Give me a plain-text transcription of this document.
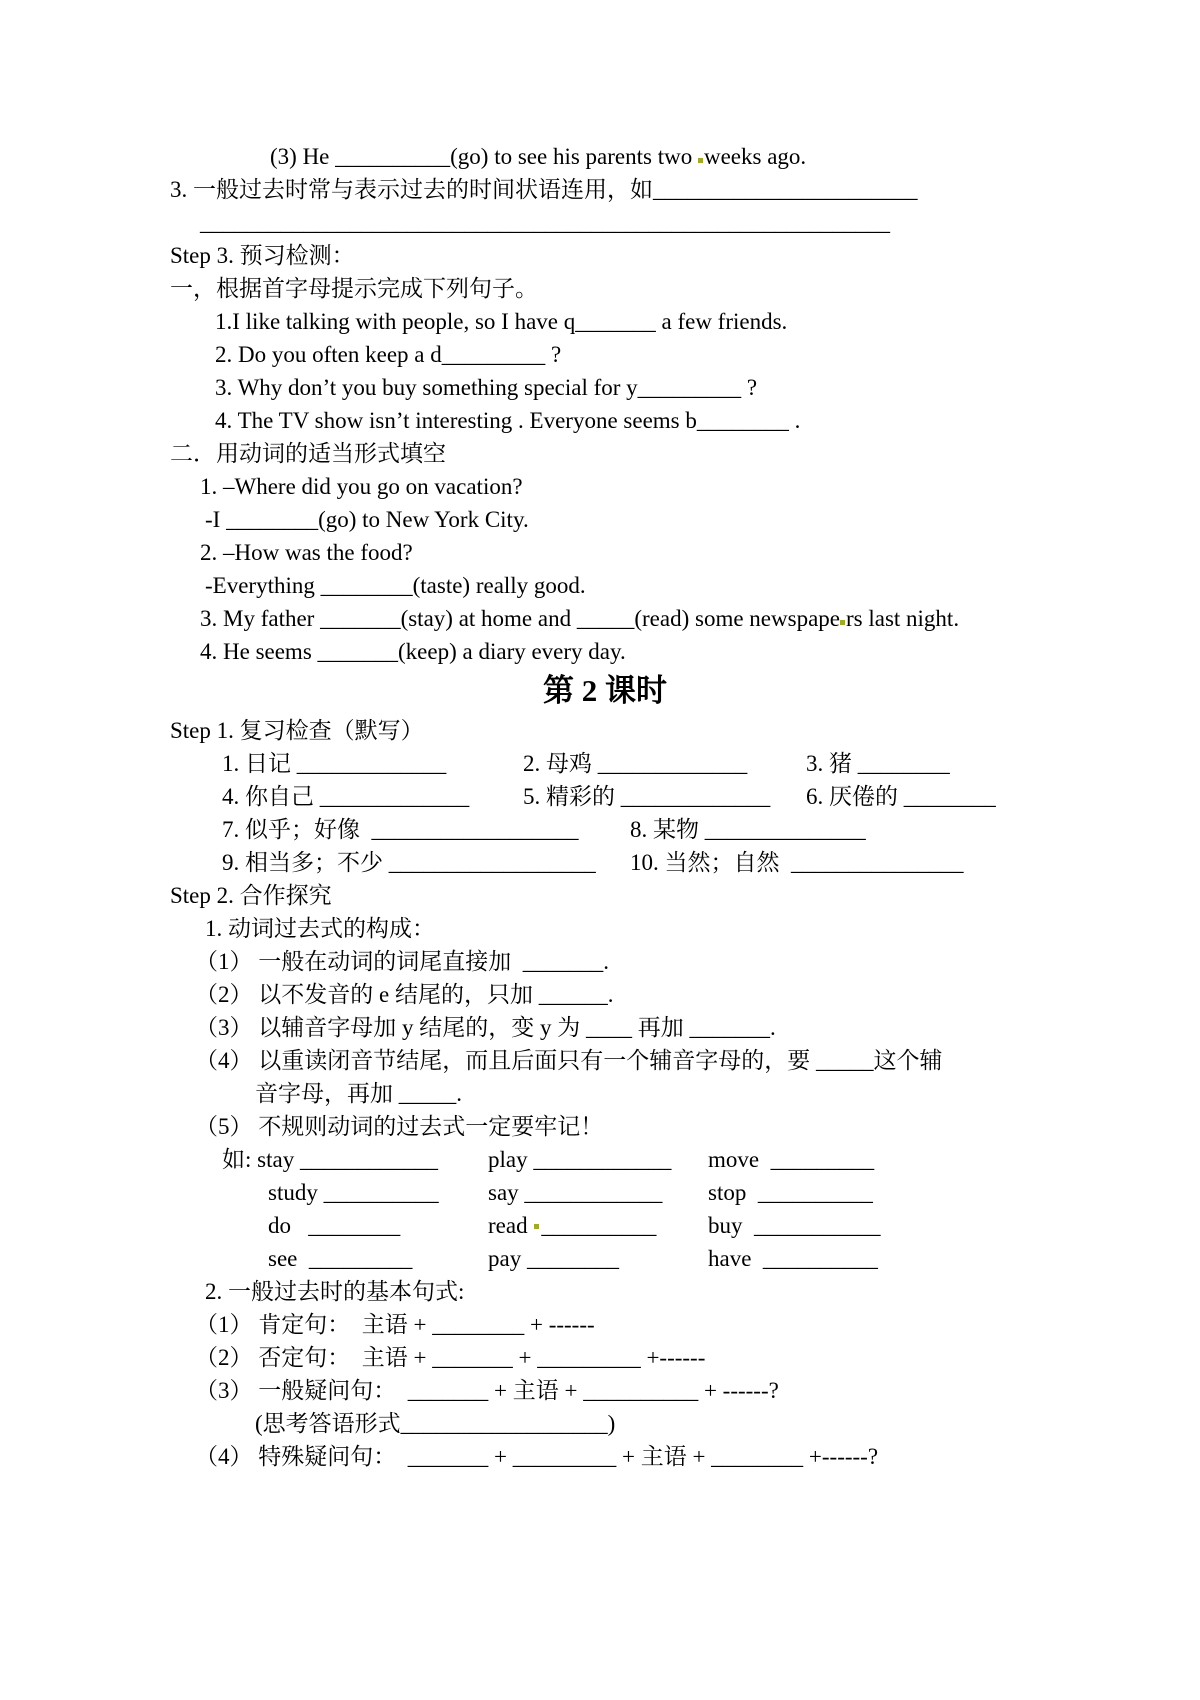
(3) He __________(go) to see his parents two weeks ago.
3. 一般过去时常与表示过去的时间状语连用，如_______________________
____________________________________________________________
Step 3. 预习检测：
一，根据首字母提示完成下列句子。
1.I like talking with people, so I have q_______ a few friends.
2. Do you often keep a d_________ ?
3. Why don’t you buy something special for y_________ ?
4. The TV show isn’t interesting . Everyone seems b________ .
二．用动词的适当形式填空
1. –Where did you go on vacation?
-I ________(go) to New York City.
2. –How was the food?
-Everything ________(taste) really good.
3. My father _______(stay) at home and _____(read) some newspape rs last night.
4. He seems _______(keep) a diary every day.
第 2 课时
Step 1. 复习检查（默写）
1. 日记 _____________	2. 母鸡 _____________	3. 猪 ________
4. 你自己 _____________ 5. 精彩的 _____________ 6. 厌倦的 ________
7. 似乎；好像  __________________ 8. 某物 ______________
9. 相当多；不少 __________________ 10. 当然；自然  _______________
Step 2. 合作探究
1. 动词过去式的构成：
（1） 一般在动词的词尾直接加  _______.
（2） 以不发音的 e 结尾的，只加 ______.
（3） 以辅音字母加 y 结尾的，变 y 为 ____ 再加 _______.
（4） 以重读闭音节结尾，而且后面只有一个辅音字母的，要 _____这个辅
音字母，再加 _____.
（5） 不规则动词的过去式一定要牢记！
如: stay ____________ play ____________ move  _________
study __________ say ____________ stop  __________
do   ________	read __________ buy  ___________
see  _________	pay ________	have  __________
2. 一般过去时的基本句式:
（1） 肯定句：  主语 + ________ + ------
（2） 否定句：  主语 + _______ + _________ +------
（3） 一般疑问句：  _______ + 主语 + __________ + ------?
(思考答语形式__________________)
（4） 特殊疑问句：  _______ + _________ + 主语 + ________ +------?
